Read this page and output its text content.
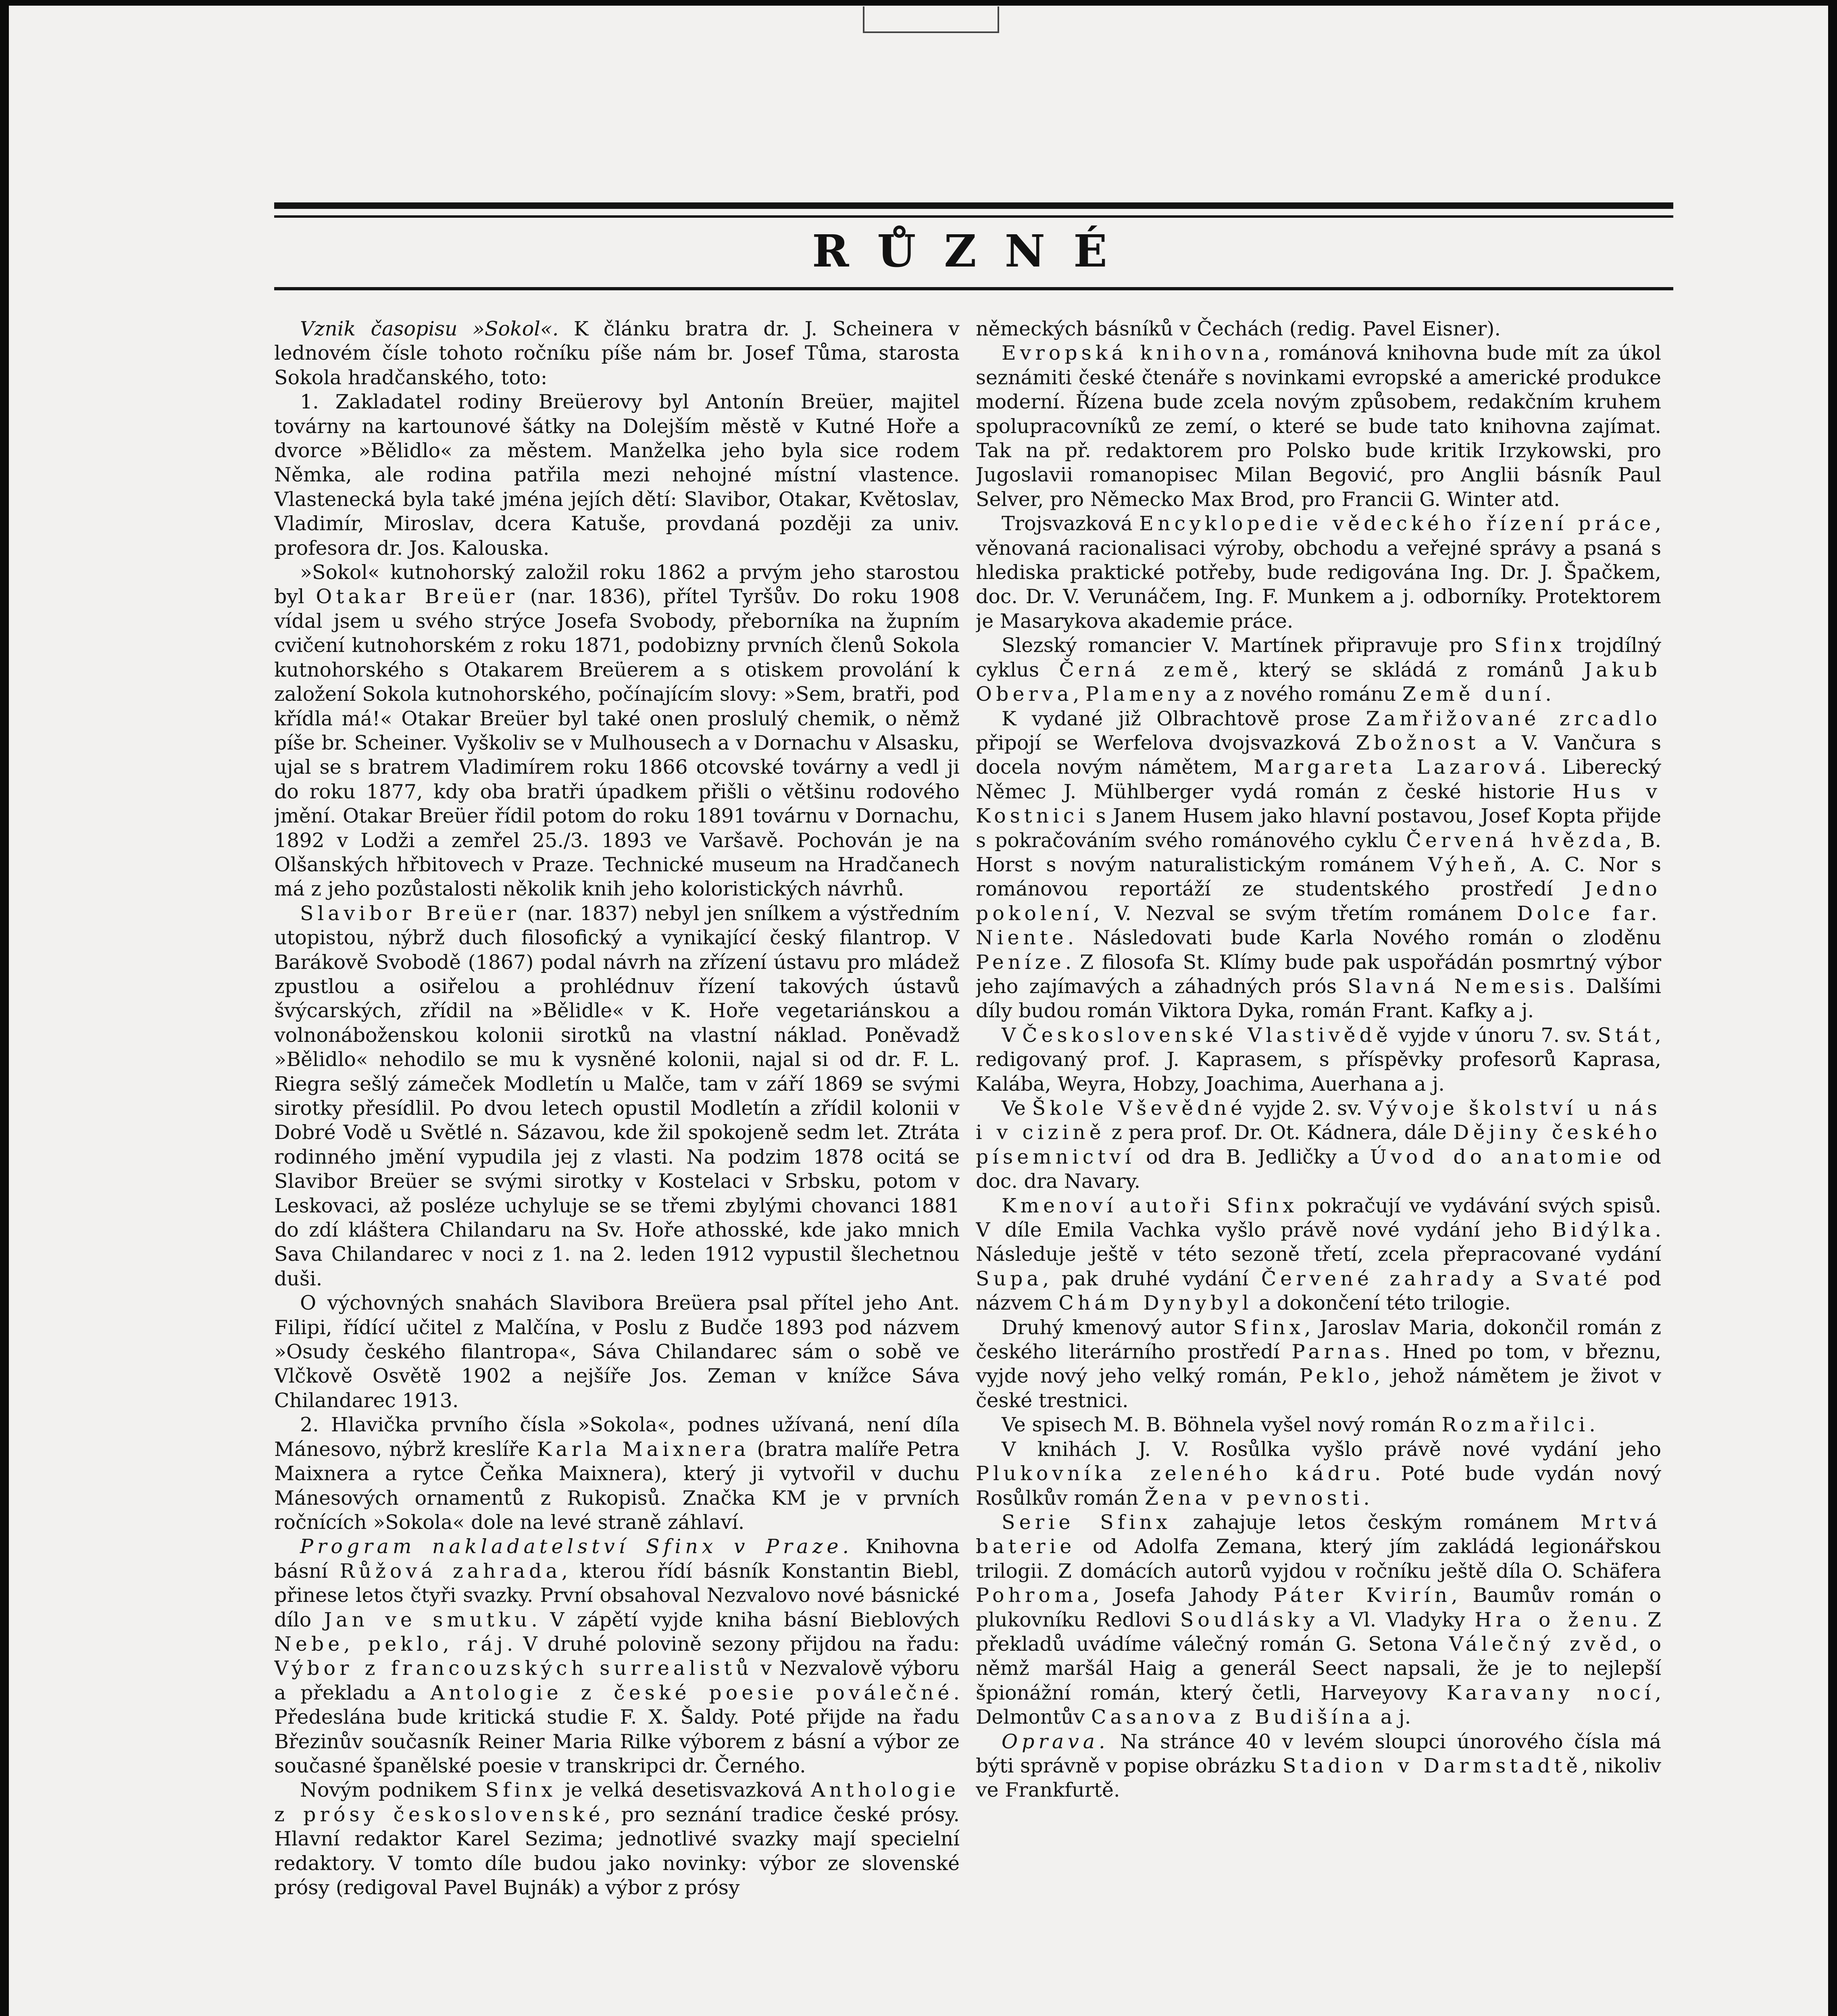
RŮZNÉ

Vznik časopisu »Sokol«. K článku bratra dr. J. Scheinera v lednovém čísle tohoto ročníku píše nám br. Josef Tůma, starosta Sokola hradčanského, toto:

1. Zakladatel rodiny Breüerovy byl Antonín Breüer, majitel továrny na kartounové šátky na Dolejším městě v Kutné Hoře a dvorce »Bělidlo« za městem. Manželka jeho byla sice rodem Němka, ale rodina patřila mezi nehojné místní vlastence. Vlastenecká byla také jména jejích dětí: Slavibor, Otakar, Květoslav, Vladimír, Miroslav, dcera Katuše, provdaná později za univ. profesora dr. Jos. Kalouska.

»Sokol« kutnohorský založil roku 1862 a prvým jeho starostou byl Otakar Breüer (nar. 1836), přítel Tyršův. Do roku 1908 vídal jsem u svého strýce Josefa Svobody, přeborníka na župním cvičení kutnohorském z roku 1871, podobizny prvních členů Sokola kutnohorského s Otakarem Breüerem a s otiskem provolání k založení Sokola kutnohorského, počínajícím slovy: »Sem, bratři, pod křídla má!« Otakar Breüer byl také onen proslulý chemik, o němž píše br. Scheiner. Vyškoliv se v Mulhousech a v Dornachu v Alsasku, ujal se s bratrem Vladimírem roku 1866 otcovské továrny a vedl ji do roku 1877, kdy oba bratři úpadkem přišli o většinu rodového jmění. Otakar Breüer řídil potom do roku 1891 továrnu v Dornachu, 1892 v Lodži a zemřel 25./3. 1893 ve Varšavě. Pochován je na Olšanských hřbitovech v Praze. Technické museum na Hradčanech má z jeho pozůstalosti několik knih jeho koloristických návrhů.

Slavibor Breüer (nar. 1837) nebyl jen snílkem a výstředním utopistou, nýbrž duch filosofický a vynikající český filantrop. V Barákově Svobodě (1867) podal návrh na zřízení ústavu pro mládež zpustlou a osiřelou a prohlédnuv řízení takových ústavů švýcarských, zřídil na »Bělidle« v K. Hoře vegetariánskou a volnonáboženskou kolonii sirotků na vlastní náklad. Poněvadž »Bělidlo« nehodilo se mu k vysněné kolonii, najal si od dr. F. L. Riegra sešlý zámeček Modletín u Malče, tam v září 1869 se svými sirotky přesídlil. Po dvou letech opustil Modletín a zřídil kolonii v Dobré Vodě u Světlé n. Sázavou, kde žil spokojeně sedm let. Ztráta rodinného jmění vypudila jej z vlasti. Na podzim 1878 ocitá se Slavibor Breüer se svými sirotky v Kostelaci v Srbsku, potom v Leskovaci, až posléze uchyluje se se třemi zbylými chovanci 1881 do zdí kláštera Chilandaru na Sv. Hoře athosské, kde jako mnich Sava Chilandarec v noci z 1. na 2. leden 1912 vypustil šlechetnou duši.

O výchovných snahách Slavibora Breüera psal přítel jeho Ant. Filipi, řídící učitel z Malčína, v Poslu z Budče 1893 pod názvem »Osudy českého filantropa«, Sáva Chilandarec sám o sobě ve Vlčkově Osvětě 1902 a nejšíře Jos. Zeman v knížce Sáva Chilandarec 1913.

2. Hlavička prvního čísla »Sokola«, podnes užívaná, není díla Mánesovo, nýbrž kreslíře Karla Maixnera (bratra malíře Petra Maixnera a rytce Čeňka Maixnera), který ji vytvořil v duchu Mánesových ornamentů z Rukopisů. Značka KM je v prvních ročnících »Sokola« dole na levé straně záhlaví.

Program nakladatelství Sfinx v Praze. Knihovna básní Růžová zahrada, kterou řídí básník Konstantin Biebl, přinese letos čtyři svazky. První obsahoval Nezvalovo nové básnické dílo Jan ve smutku. V zápětí vyjde kniha básní Bieblových Nebe, peklo, ráj. V druhé polovině sezony přijdou na řadu: Výbor z francouzských surrealistů v Nezvalově výboru a překladu a Antologie z české poesie poválečné. Předeslána bude kritická studie F. X. Šaldy. Poté přijde na řadu Březinův současník Reiner Maria Rilke výborem z básní a výbor ze současné španělské poesie v transkripci dr. Černého.

Novým podnikem Sfinx je velká desetisvazková Anthologie z prósy československé, pro seznání tradice české prósy. Hlavní redaktor Karel Sezima; jednotlivé svazky mají specielní redaktory. V tomto díle budou jako novinky: výbor ze slovenské prósy (redigoval Pavel Bujnák) a výbor z prósy

německých básníků v Čechách (redig. Pavel Eisner).

Evropská knihovna, románová knihovna bude mít za úkol seznámiti české čtenáře s novinkami evropské a americké produkce moderní. Řízena bude zcela novým způsobem, redakčním kruhem spolupracovníků ze zemí, o které se bude tato knihovna zajímat. Tak na př. redaktorem pro Polsko bude kritik Irzykowski, pro Jugoslavii romanopisec Milan Begović, pro Anglii básník Paul Selver, pro Německo Max Brod, pro Francii G. Winter atd.

Trojsvazková Encyklopedie vědeckého řízení práce, věnovaná racionalisaci výroby, obchodu a veřejné správy a psaná s hlediska praktické potřeby, bude redigována Ing. Dr. J. Špačkem, doc. Dr. V. Verunáčem, Ing. F. Munkem a j. odborníky. Protektorem je Masarykova akademie práce.

Slezský romancier V. Martínek připravuje pro Sfinx trojdílný cyklus Černá země, který se skládá z románů Jakub Oberva, Plameny a z nového románu Země duní.

K vydané již Olbrachtově prose Zamřižované zrcadlo připojí se Werfelova dvojsvazková Zbožnost a V. Vančura s docela novým námětem, Margareta Lazarová. Liberecký Němec J. Mühlberger vydá román z české historie Hus v Kostnici s Janem Husem jako hlavní postavou, Josef Kopta přijde s pokračováním svého románového cyklu Červená hvězda, B. Horst s novým naturalistickým románem Výheň, A. C. Nor s románovou reportáží ze studentského prostředí Jedno pokolení, V. Nezval se svým třetím románem Dolce far. Niente. Následovati bude Karla Nového román o zloděnu Peníze. Z filosofa St. Klímy bude pak uspořádán posmrtný výbor jeho zajímavých a záhadných prós Slavná Nemesis. Dalšími díly budou román Viktora Dyka, román Frant. Kafky a j.

V Československé Vlastivědě vyjde v únoru 7. sv. Stát, redigovaný prof. J. Kaprasem, s příspěvky profesorů Kaprasa, Kalába, Weyra, Hobzy, Joachima, Auerhana a j.

Ve Škole Vševědné vyjde 2. sv. Vývoje školství u nás i v cizině z pera prof. Dr. Ot. Kádnera, dále Dějiny českého písemnictví od dra B. Jedličky a Úvod do anatomie od doc. dra Navary.

Kmenoví autoři Sfinx pokračují ve vydávání svých spisů. V díle Emila Vachka vyšlo právě nové vydání jeho Bidýlka. Následuje ještě v této sezoně třetí, zcela přepracované vydání Supa, pak druhé vydání Červené zahrady a Svaté pod názvem Chám Dynybyl a dokončení této trilogie.

Druhý kmenový autor Sfinx, Jaroslav Maria, dokončil román z českého literárního prostředí Parnas. Hned po tom, v březnu, vyjde nový jeho velký román, Peklo, jehož námětem je život v české trestnici.

Ve spisech M. B. Böhnela vyšel nový román Rozmařilci.

V knihách J. V. Rosůlka vyšlo právě nové vydání jeho Plukovníka zeleného kádru. Poté bude vydán nový Rosůlkův román Žena v pevnosti.

Serie Sfinx zahajuje letos českým románem Mrtvá baterie od Adolfa Zemana, který jím zakládá legionářskou trilogii. Z domácích autorů vyjdou v ročníku ještě díla O. Schäfera Pohroma, Josefa Jahody Páter Kvirín, Baumův román o plukovníku Redlovi Soudlásky a Vl. Vladyky Hra o ženu. Z překladů uvádíme válečný román G. Setona Válečný zvěd, o němž maršál Haig a generál Seect napsali, že je to nejlepší špionážní román, který četli, Harveyovy Karavany nocí, Delmontův Casanova z Budišína a j.

Oprava. Na stránce 40 v levém sloupci únorového čísla má býti správně v popise obrázku Stadion v Darmstadtě, nikoliv ve Frankfurtě.
